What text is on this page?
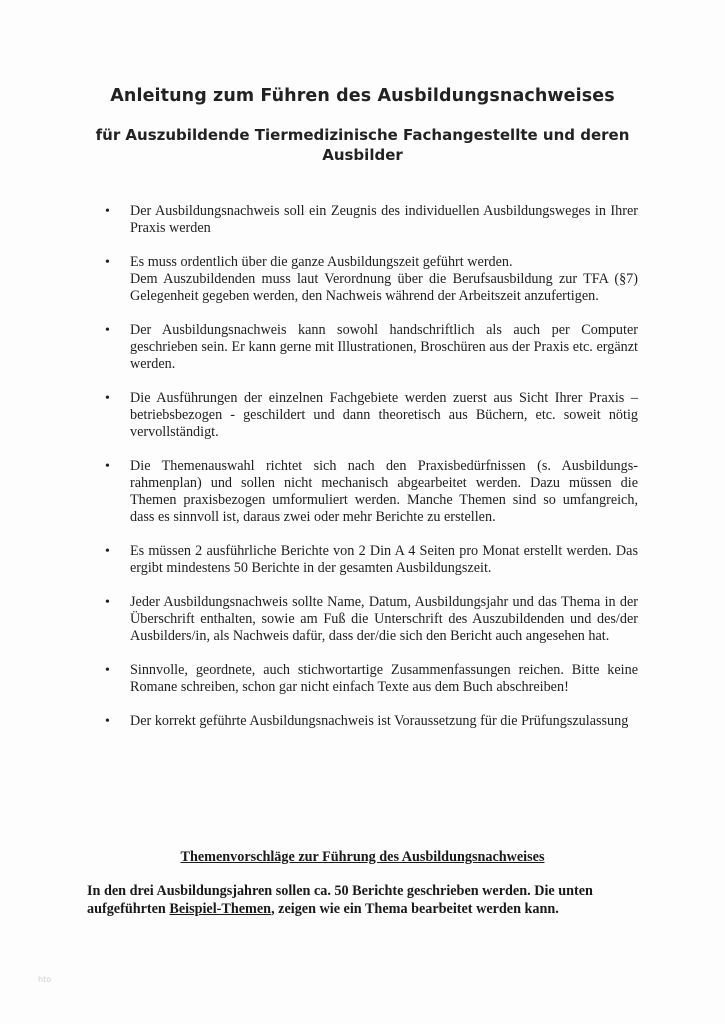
Anleitung zum Führen des Ausbildungsnachweises
für Auszubildende Tiermedizinische Fachangestellte und deren Ausbilder
• Der Ausbildungsnachweis soll ein Zeugnis des individuellen Ausbildungsweges in Ihrer Praxis werden
• Es muss ordentlich über die ganze Ausbildungszeit geführt werden.
Dem Auszubildenden muss laut Verordnung über die Berufsausbildung zur TFA (§7) Gelegenheit gegeben werden, den Nachweis während der Arbeitszeit anzufertigen.
• Der Ausbildungsnachweis kann sowohl handschriftlich als auch per Computer geschrieben sein. Er kann gerne mit Illustrationen, Broschüren aus der Praxis etc. ergänzt werden.
• Die Ausführungen der einzelnen Fachgebiete werden zuerst aus Sicht Ihrer Praxis – betriebsbezogen - geschildert und dann theoretisch aus Büchern, etc. soweit nötig vervollständigt.
• Die Themenauswahl richtet sich nach den Praxisbedürfnissen (s. Ausbildungs-rahmenplan) und sollen nicht mechanisch abgearbeitet werden. Dazu müssen die Themen praxisbezogen umformuliert werden. Manche Themen sind so umfangreich, dass es sinnvoll ist, daraus zwei oder mehr Berichte zu erstellen.
• Es müssen 2 ausführliche Berichte von 2 Din A 4 Seiten pro Monat erstellt werden. Das ergibt mindestens 50 Berichte in der gesamten Ausbildungszeit.
• Jeder Ausbildungsnachweis sollte Name, Datum, Ausbildungsjahr und das Thema in der Überschrift enthalten, sowie am Fuß die Unterschrift des Auszubildenden und des/der Ausbilders/in, als Nachweis dafür, dass der/die sich den Bericht auch angesehen hat.
• Sinnvolle, geordnete, auch stichwortartige Zusammenfassungen reichen. Bitte keine Romane schreiben, schon gar nicht einfach Texte aus dem Buch abschreiben!
• Der korrekt geführte Ausbildungsnachweis ist Voraussetzung für die Prüfungszulassung
Themenvorschläge zur Führung des Ausbildungsnachweises
In den drei Ausbildungsjahren sollen ca. 50 Berichte geschrieben werden. Die unten aufgeführten Beispiel-Themen, zeigen wie ein Thema bearbeitet werden kann.
hto
